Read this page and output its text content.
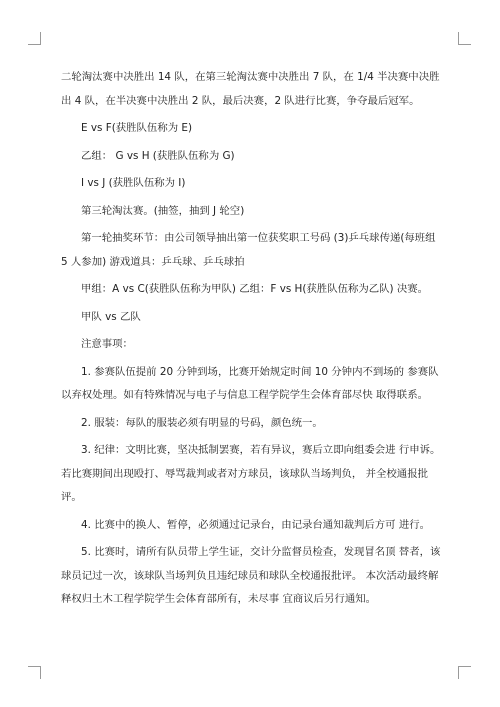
二轮淘汰赛中决胜出 14 队，在第三轮淘汰赛中决胜出 7 队，在 1/4 半决赛中决胜出 4 队，在半决赛中决胜出 2 队，最后决赛，2 队进行比赛，争夺最后冠军。

E vs F(获胜队伍称为 E)

乙组： G vs H (获胜队伍称为 G)

I vs J (获胜队伍称为 I)

第三轮淘汰赛。(抽签，抽到 J 轮空)

第一轮抽奖环节：由公司领导抽出第一位获奖职工号码 (3)乒乓球传递(每班组 5 人参加) 游戏道具：乒乓球、乒乓球拍

甲组：A vs C(获胜队伍称为甲队) 乙组：F vs H(获胜队伍称为乙队) 决赛。

甲队 vs 乙队

注意事项：

1. 参赛队伍提前 20 分钟到场，比赛开始规定时间 10 分钟内不到场的 参赛队以弃权处理。如有特殊情况与电子与信息工程学院学生会体育部尽快 取得联系。

2. 服装：每队的服装必须有明显的号码，颜色统一。

3. 纪律：文明比赛，坚决抵制罢赛，若有异议，赛后立即向组委会进 行申诉。若比赛期间出现殴打、辱骂裁判或者对方球员，该球队当场判负， 并全校通报批评。

4. 比赛中的换人、暂停，必须通过记录台，由记录台通知裁判后方可 进行。

5. 比赛时，请所有队员带上学生证，交计分监督员检查，发现冒名顶 替者，该球员记过一次，该球队当场判负且违纪球员和球队全校通报批评。 本次活动最终解释权归土木工程学院学生会体育部所有，未尽事 宜商议后另行通知。
